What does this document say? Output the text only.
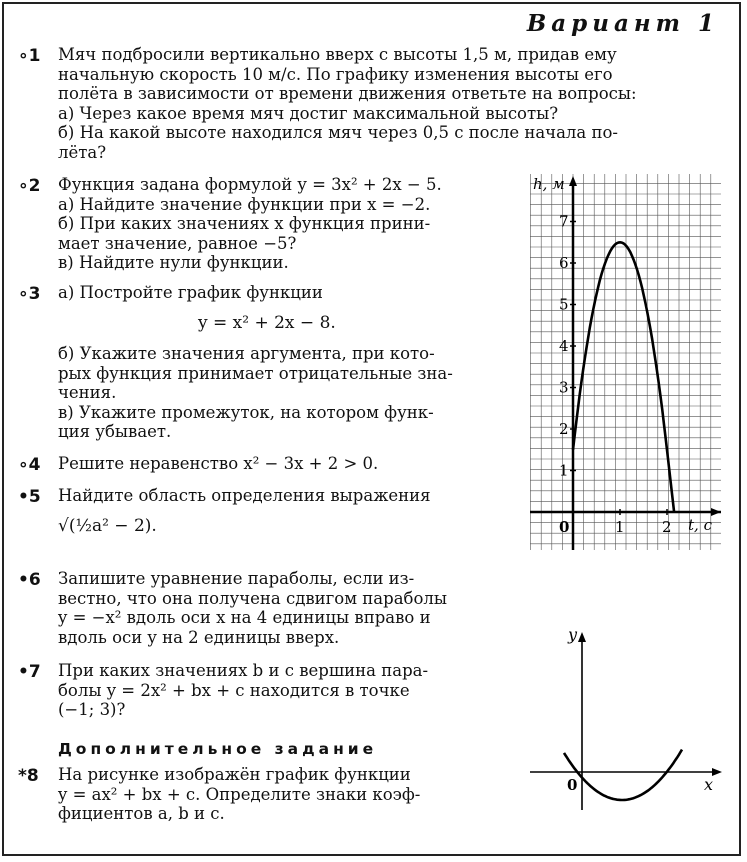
Вариант 1
∘1 Мяч подбросили вертикально вверх с высоты 1,5 м, придав ему
начальную скорость 10 м/с. По графику изменения высоты его
полёта в зависимости от времени движения ответьте на вопросы:
а) Через какое время мяч достиг максимальной высоты?
б) На какой высоте находился мяч через 0,5 с после начала по-
лёта?
∘2 Функция задана формулой y = 3x² + 2x − 5.
а) Найдите значение функции при x = −2.
б) При каких значениях x функция прини-
мает значение, равное −5?
в) Найдите нули функции.
∘3 а) Постройте график функции
y = x² + 2x − 8.
б) Укажите значения аргумента, при кото-
рых функция принимает отрицательные зна-
чения.
в) Укажите промежуток, на котором функ-
ция убывает.
∘4 Решите неравенство x² − 3x + 2 > 0.
•5 Найдите область определения выражения
√(½a² − 2).
•6 Запишите уравнение параболы, если из-
вестно, что она получена сдвигом параболы
y = −x² вдоль оси x на 4 единицы вправо и
вдоль оси y на 2 единицы вверх.
•7 При каких значениях b и c вершина пара-
болы y = 2x² + bx + c находится в точке
(−1; 3)?
Дополнительное задание
*8 На рисунке изображён график функции
y = ax² + bx + c. Определите знаки коэф-
фициентов a, b и c.
1
2
3
4
5
6
7
1 2
h, м
t, c
0
y
x
0
